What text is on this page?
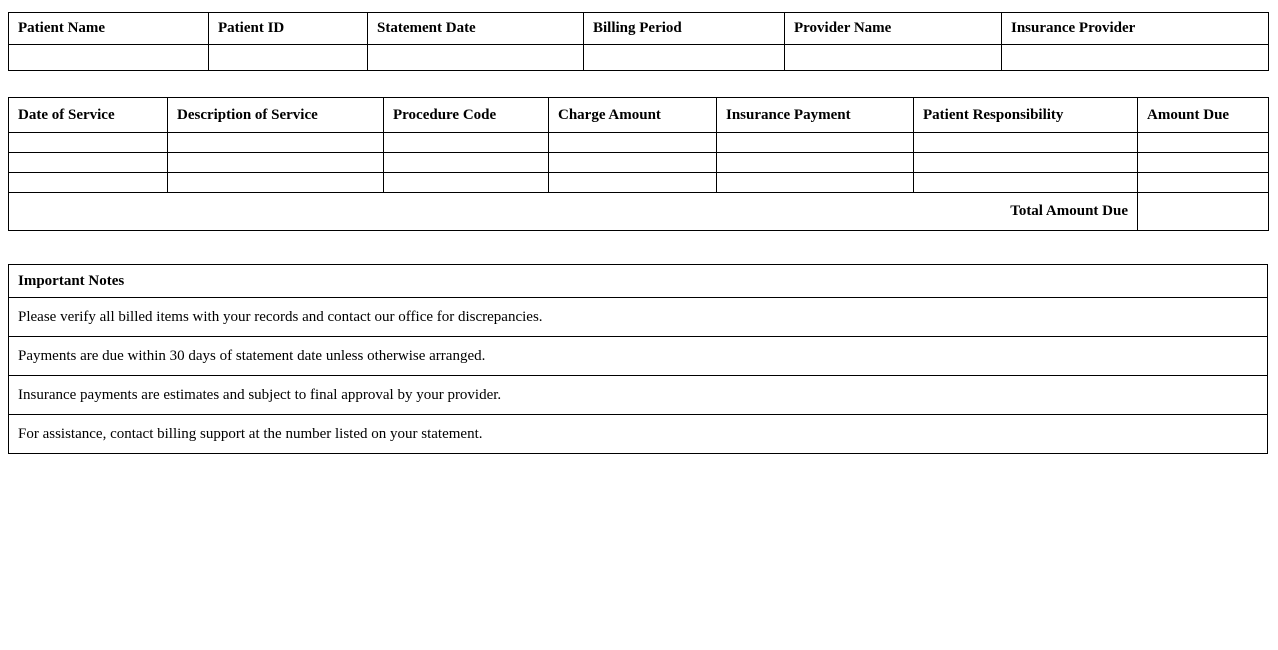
Patient Name	Patient ID	Statement Date	Billing Period	Provider Name	Insurance Provider

Date of Service	Description of Service	Procedure Code	Charge Amount	Insurance Payment	Patient Responsibility	Amount Due

Total Amount Due						
Important Notes
Please verify all billed items with your records and contact our office for discrepancies.
Payments are due within 30 days of statement date unless otherwise arranged.
Insurance payments are estimates and subject to final approval by your provider.
For assistance, contact billing support at the number listed on your statement.
